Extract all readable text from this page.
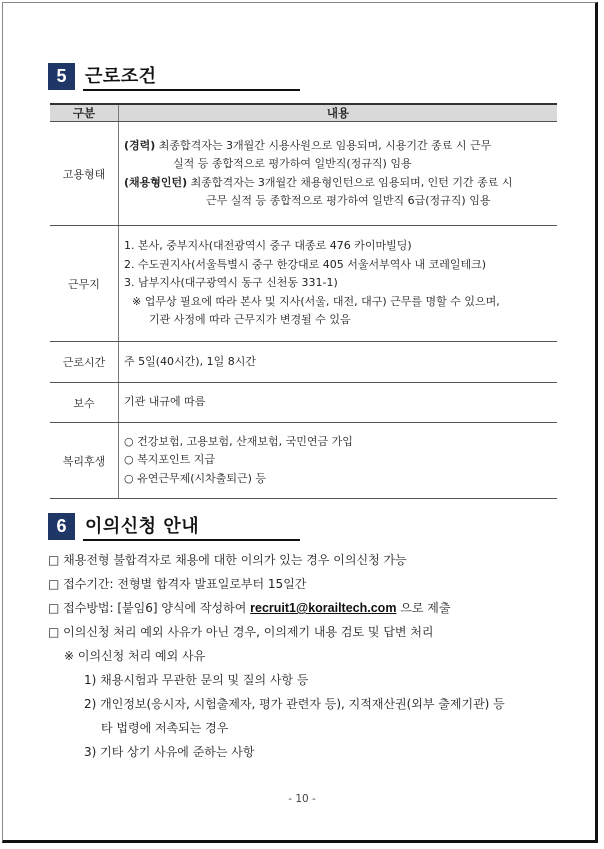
5	근로조건
구분	내용
고용형태	(경력) 최종합격자는 3개월간 시용사원으로 임용되며, 시용기간 종료 시 근무
실적 등 종합적으로 평가하여 일반직(정규직) 임용
(채용형인턴) 최종합격자는 3개월간 채용형인턴으로 임용되며, 인턴 기간 종료 시
근무 실적 등 종합적으로 평가하여 일반직 6급(정규직) 임용

근무지	1. 본사, 중부지사(대전광역시 중구 대종로 476 카이마빌딩)
2. 수도권지사(서울특별시 중구 한강대로 405 서울서부역사 내 코레일테크)
3. 남부지사(대구광역시 동구 신천동 331-1)
※ 업무상 필요에 따라 본사 및 지사(서울, 대전, 대구) 근무를 명할 수 있으며,
기관 사정에 따라 근무지가 변경될 수 있음

근로시간	주 5일(40시간), 1일 8시간
보수	기관 내규에 따름
복리후생	○ 건강보험, 고용보험, 산재보험, 국민연금 가입
○ 복지포인트 지급
○ 유연근무제(시차출퇴근) 등
6	이의신청 안내
□ 채용전형 불합격자로 채용에 대한 이의가 있는 경우 이의신청 가능
□ 접수기간: 전형별 합격자 발표일로부터 15일간
□ 접수방법: [붙임6] 양식에 작성하여 recruit1@korailtech.com 으로 제출
□ 이의신청 처리 예외 사유가 아닌 경우, 이의제기 내용 검토 및 답변 처리
※ 이의신청 처리 예외 사유
1) 채용시험과 무관한 문의 및 질의 사항 등
2) 개인정보(응시자, 시험출제자, 평가 관련자 등), 지적재산권(외부 출제기관) 등
타 법령에 저촉되는 경우
3) 기타 상기 사유에 준하는 사항
- 10 -
